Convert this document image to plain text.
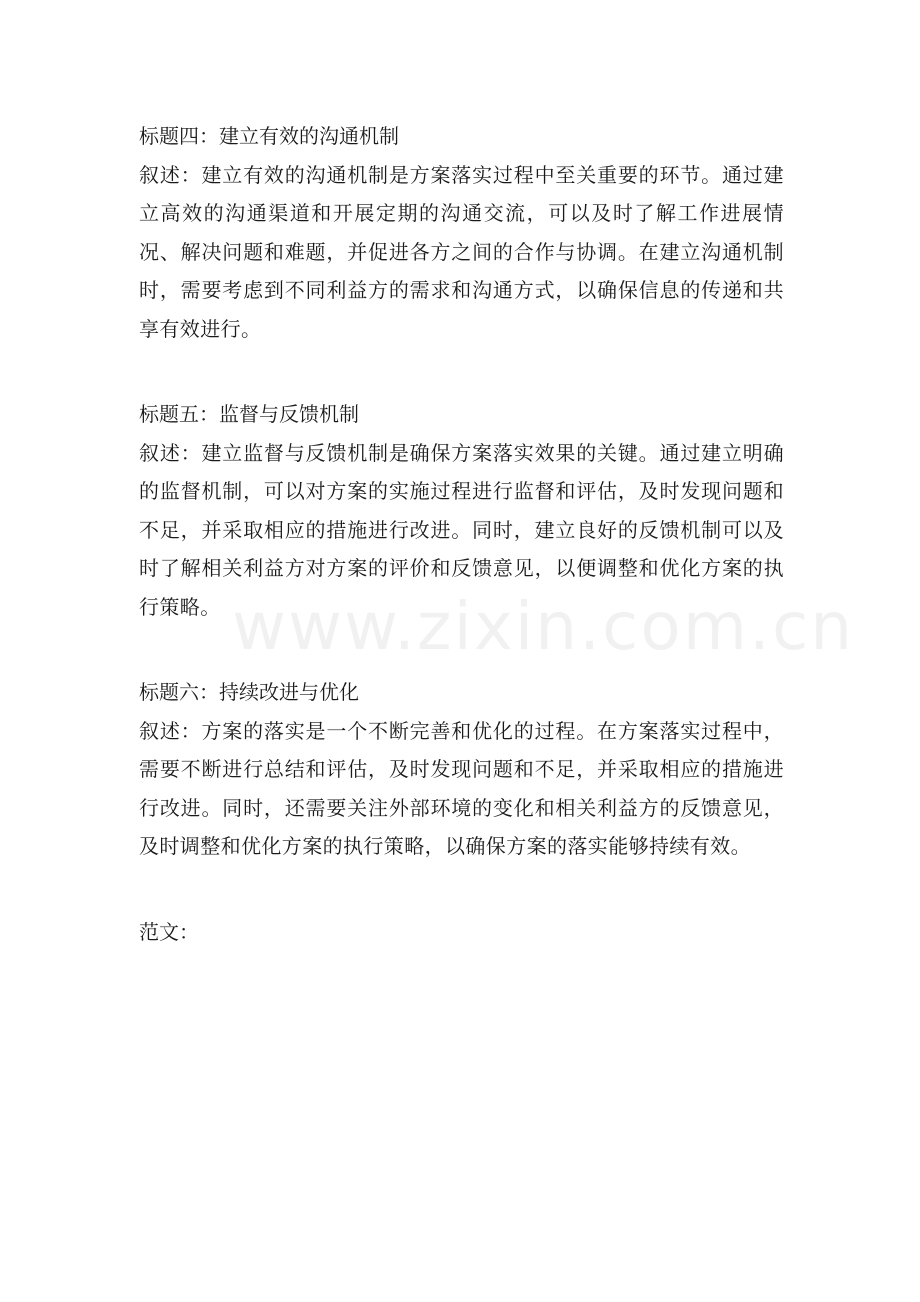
标题四：建立有效的沟通机制

叙述：建立有效的沟通机制是方案落实过程中至关重要的环节。通过建立高效的沟通渠道和开展定期的沟通交流，可以及时了解工作进展情况、解决问题和难题，并促进各方之间的合作与协调。在建立沟通机制时，需要考虑到不同利益方的需求和沟通方式，以确保信息的传递和共享有效进行。

标题五：监督与反馈机制

叙述：建立监督与反馈机制是确保方案落实效果的关键。通过建立明确的监督机制，可以对方案的实施过程进行监督和评估，及时发现问题和不足，并采取相应的措施进行改进。同时，建立良好的反馈机制可以及时了解相关利益方对方案的评价和反馈意见，以便调整和优化方案的执行策略。

标题六：持续改进与优化

叙述：方案的落实是一个不断完善和优化的过程。在方案落实过程中，需要不断进行总结和评估，及时发现问题和不足，并采取相应的措施进行改进。同时，还需要关注外部环境的变化和相关利益方的反馈意见，及时调整和优化方案的执行策略，以确保方案的落实能够持续有效。

范文：

www.zixin.com.cn
